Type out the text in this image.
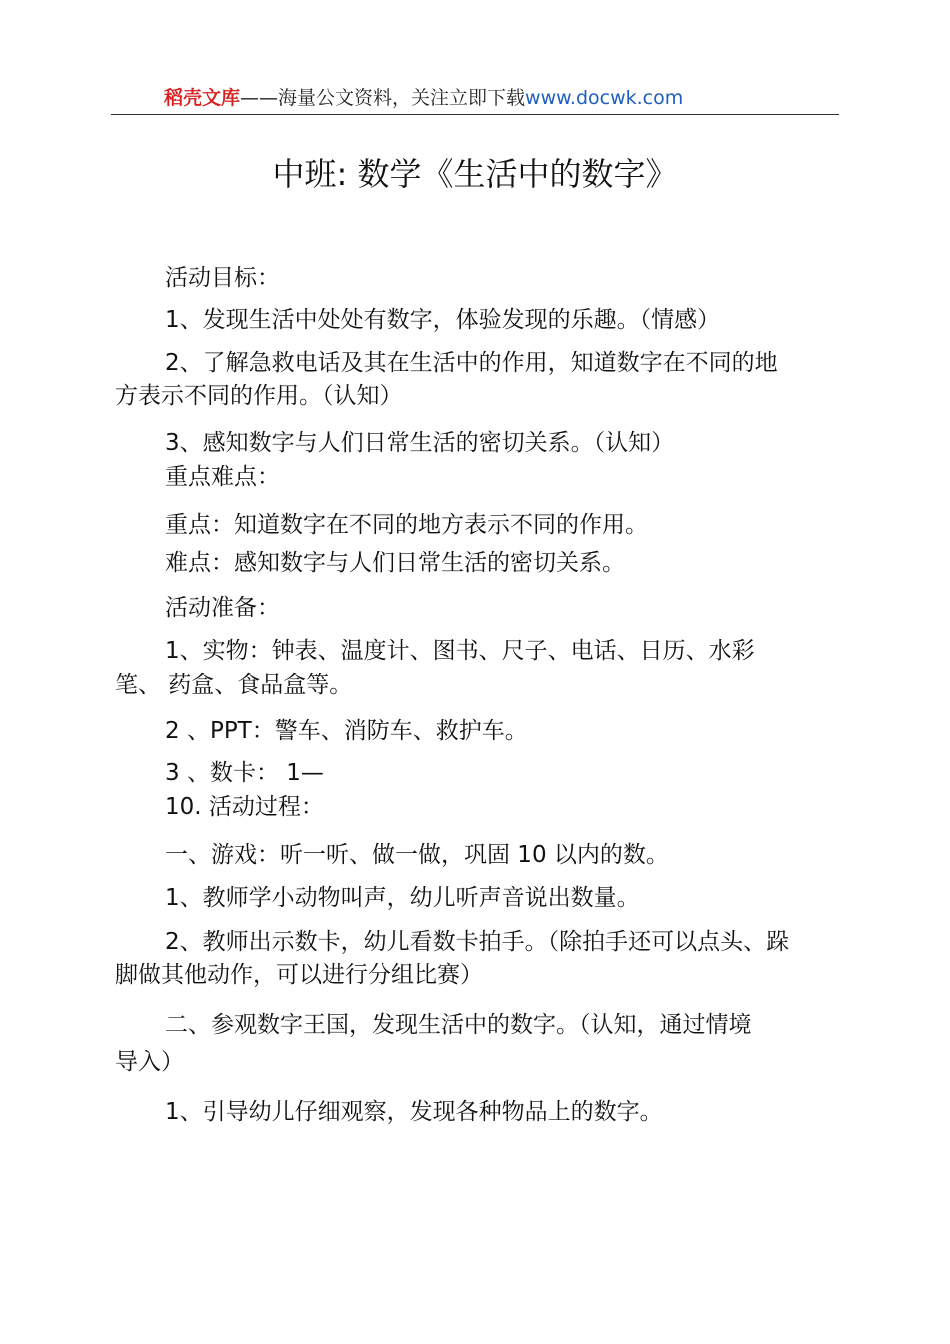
稻壳文库——海量公文资料，关注立即下载www.docwk.com
中班: 数学《生活中的数字》
活动目标：
1、发现生活中处处有数字，体验发现的乐趣。（情感）
2、了解急救电话及其在生活中的作用，知道数字在不同的地
方表示不同的作用。（认知）
3、感知数字与人们日常生活的密切关系。（认知）
重点难点：
重点：知道数字在不同的地方表示不同的作用。
难点：感知数字与人们日常生活的密切关系。
活动准备：
1、实物：钟表、温度计、图书、尺子、电话、日历、水彩
笔、 药盒、食品盒等。
2 、PPT：警车、消防车、救护车。
3 、数卡： 1—
10. 活动过程：
一、游戏：听一听、做一做，巩固 10 以内的数。
1、教师学小动物叫声，幼儿听声音说出数量。
2、教师出示数卡，幼儿看数卡拍手。（除拍手还可以点头、跺
脚做其他动作，可以进行分组比赛）
二、参观数字王国，发现生活中的数字。（认知，通过情境
导入）
1、引导幼儿仔细观察，发现各种物品上的数字。
